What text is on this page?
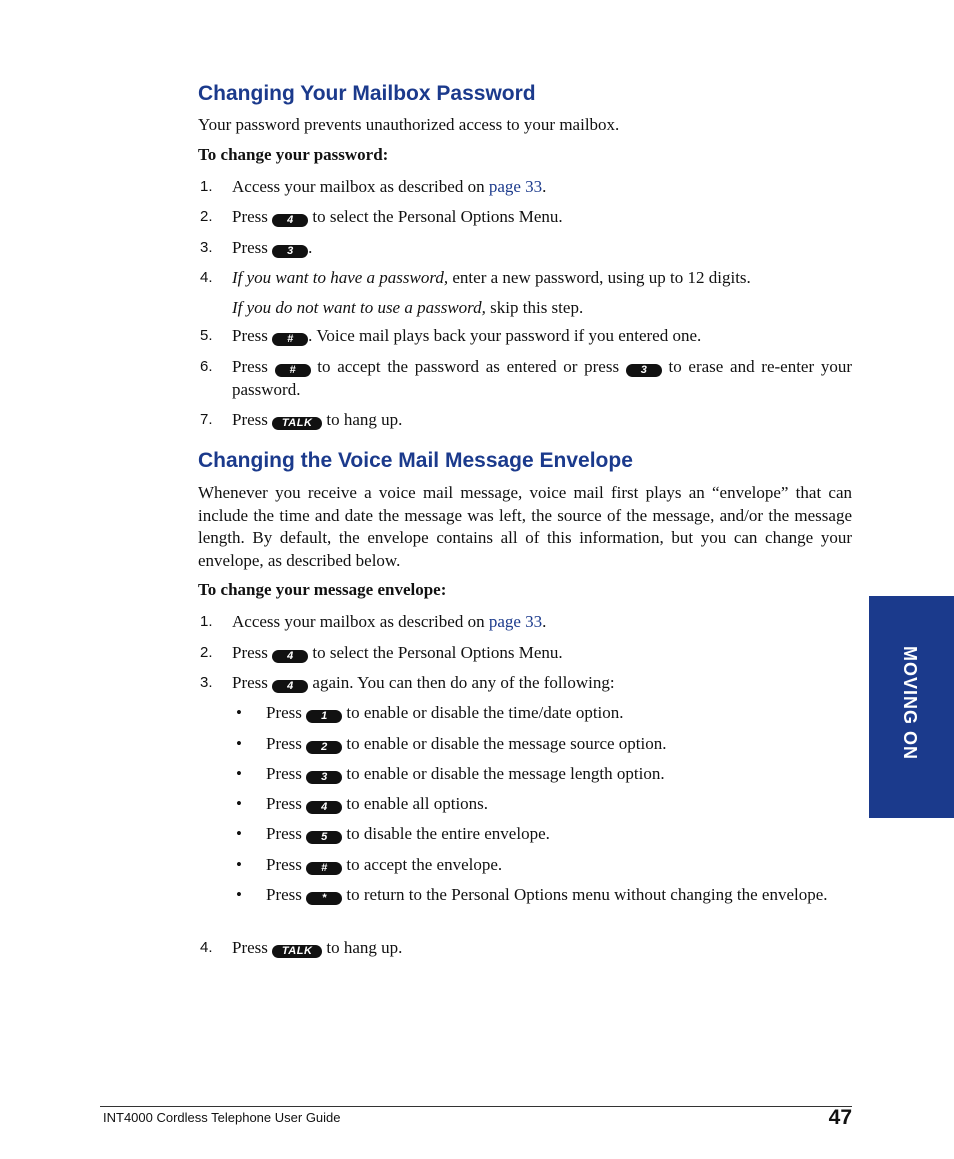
Changing Your Mailbox Password

Your password prevents unauthorized access to your mailbox.

To change your password:

1.	Access your mailbox as described on page 33.
2.	Press 4 to select the Personal Options Menu.
3.	Press 3 .
4.	If you want to have a password, enter a new password, using up to 12 digits.
If you do not want to use a password, skip this step.
5.	Press # . Voice mail plays back your password if you entered one.
6.	Press # to accept the password as entered or press 3 to erase and re-enter your password.
7.	Press TALK to hang up.
Changing the Voice Mail Message Envelope

Whenever you receive a voice mail message, voice mail first plays an “envelope” that can include the time and date the message was left, the source of the message, and/or the message length. By default, the envelope contains all of this information, but you can change your envelope, as described below.

To change your message envelope:

1.	Access your mailbox as described on page 33.
2.	Press 4 to select the Personal Options Menu.
3.	Press 4 again. You can then do any of the following:
• Press 1 to enable or disable the time/date option.
• Press 2 to enable or disable the message source option.
• Press 3 to enable or disable the message length option.
• Press 4 to enable all options.
• Press 5 to disable the entire envelope.
• Press # to accept the envelope.
• Press * to return to the Personal Options menu without changing the envelope.
4.	Press TALK to hang up.
MOVING ON
INT4000 Cordless Telephone User Guide	47
